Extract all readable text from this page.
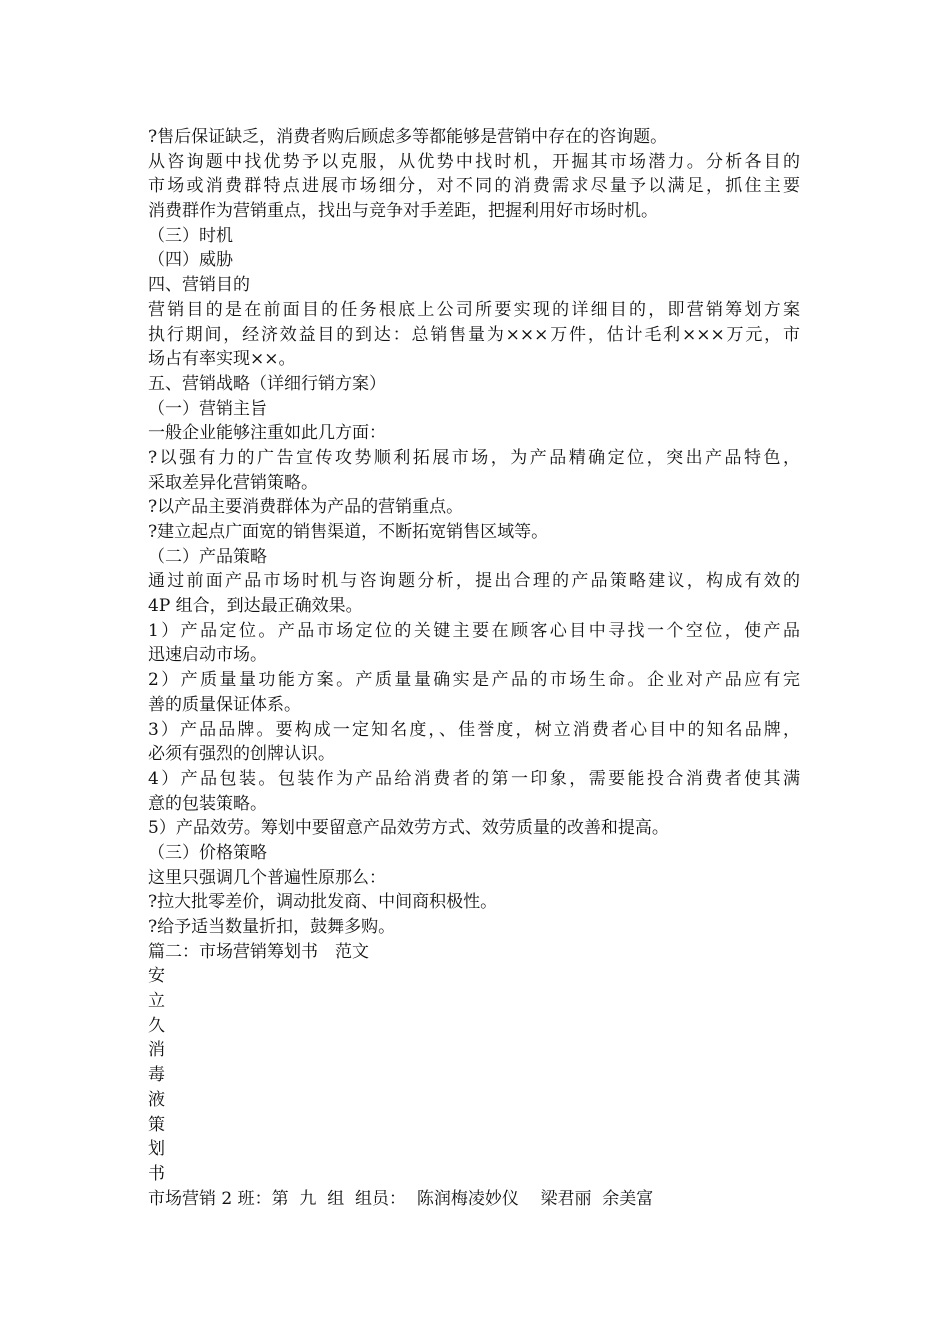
?售后保证缺乏，消费者购后顾虑多等都能够是营销中存在的咨询题。
从咨询题中找优势予以克服，从优势中找时机，开掘其市场潜力。分析各目的
市场或消费群特点进展市场细分，对不同的消费需求尽量予以满足，抓住主要
消费群作为营销重点，找出与竞争对手差距，把握利用好市场时机。
（三）时机
（四）威胁
四、营销目的
营销目的是在前面目的任务根底上公司所要实现的详细目的，即营销筹划方案
执行期间，经济效益目的到达：总销售量为×××万件，估计毛利×××万元，市
场占有率实现××。
五、营销战略（详细行销方案）
（一）营销主旨
一般企业能够注重如此几方面：
?以强有力的广告宣传攻势顺利拓展市场，为产品精确定位，突出产品特色，
采取差异化营销策略。
?以产品主要消费群体为产品的营销重点。
?建立起点广面宽的销售渠道，不断拓宽销售区域等。
（二）产品策略
通过前面产品市场时机与咨询题分析，提出合理的产品策略建议，构成有效的
4P 组合，到达最正确效果。
1）产品定位。产品市场定位的关键主要在顾客心目中寻找一个空位，使产品
迅速启动市场。
2）产质量量功能方案。产质量量确实是产品的市场生命。企业对产品应有完
善的质量保证体系。
3）产品品牌。要构成一定知名度，、佳誉度，树立消费者心目中的知名品牌，
必须有强烈的创牌认识。
4）产品包装。包装作为产品给消费者的第一印象，需要能投合消费者使其满
意的包装策略。
5）产品效劳。筹划中要留意产品效劳方式、效劳质量的改善和提高。
（三）价格策略
这里只强调几个普遍性原那么：
?拉大批零差价，调动批发商、中间商积极性。
?给予适当数量折扣，鼓舞多购。
篇二：市场营销筹划书　范文
安
立
久
消
毒
液
策
划
书
市场营销 2 班：第  九  组  组员：  陈润梅凌妙仪    梁君丽  余美富
